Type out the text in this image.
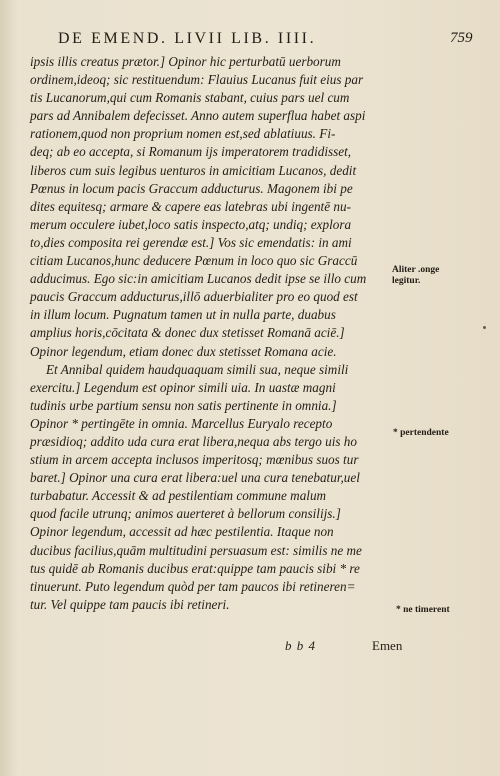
DE EMEND. LIVII LIB. IIII.	759
ipsis illis creatus prætor.] Opinor hic perturbatū uerborum
ordinem,ideoq; sic restituendum: Flauius Lucanus fuit eius par
tis Lucanorum,qui cum Romanis stabant, cuius pars uel cum
pars ad Annibalem defecisset. Anno autem superflua habet aspi
rationem,quod non proprium nomen est,sed ablatiuus. Fi-
deq; ab eo accepta, si Romanum ijs imperatorem tradidisset,
liberos cum suis legibus uenturos in amicitiam Lucanos, dedit
Pœnus in locum pacis Graccum adducturus. Magonem ibi pe
dites equitesq; armare & capere eas latebras ubi ingentē nu-
merum occulere iubet,loco satis inspecto,atq; undiq; explora
to,dies composita rei gerendæ est.] Vos sic emendatis: in ami
citiam Lucanos,hunc deducere Pœnum in loco quo sic Graccū
adducimus. Ego sic:in amicitiam Lucanos dedit ipse se illo cum
paucis Graccum adducturus,illō aduerbialiter pro eo quod est
in illum locum. Pugnatum tamen ut in nulla parte, duabus
amplius horis,cōcitata & donec dux stetisset Romanā aciē.]
Opinor legendum, etiam donec dux stetisset Romana acie.
Et Annibal quidem haudquaquam simili sua, neque simili
exercitu.] Legendum est opinor simili uia. In uastæ magni
tudinis urbe partium sensu non satis pertinente in omnia.]
Opinor * pertingēte in omnia. Marcellus Euryalo recepto
præsidioq; addito uda cura erat libera,nequa abs tergo uis ho
stium in arcem accepta inclusos imperitosq; mœnibus suos tur
baret.] Opinor una cura erat libera:uel una cura tenebatur,uel
turbabatur. Accessit & ad pestilentiam commune malum
quod facile utrunq; animos auerteret à bellorum consilijs.]
Opinor legendum, accessit ad hæc pestilentia. Itaque non
ducibus facilius,quām multitudini persuasum est: similis ne me
tus quidē ab Romanis ducibus erat:quippe tam paucis sibi * re
tinuerunt. Puto legendum quòd per tam paucos ibi retineren=
tur. Vel quippe tam paucis ibi retineri.
Aliter .onge
legitur.
* pertendente
* ne timerent
b b 4	Emen
